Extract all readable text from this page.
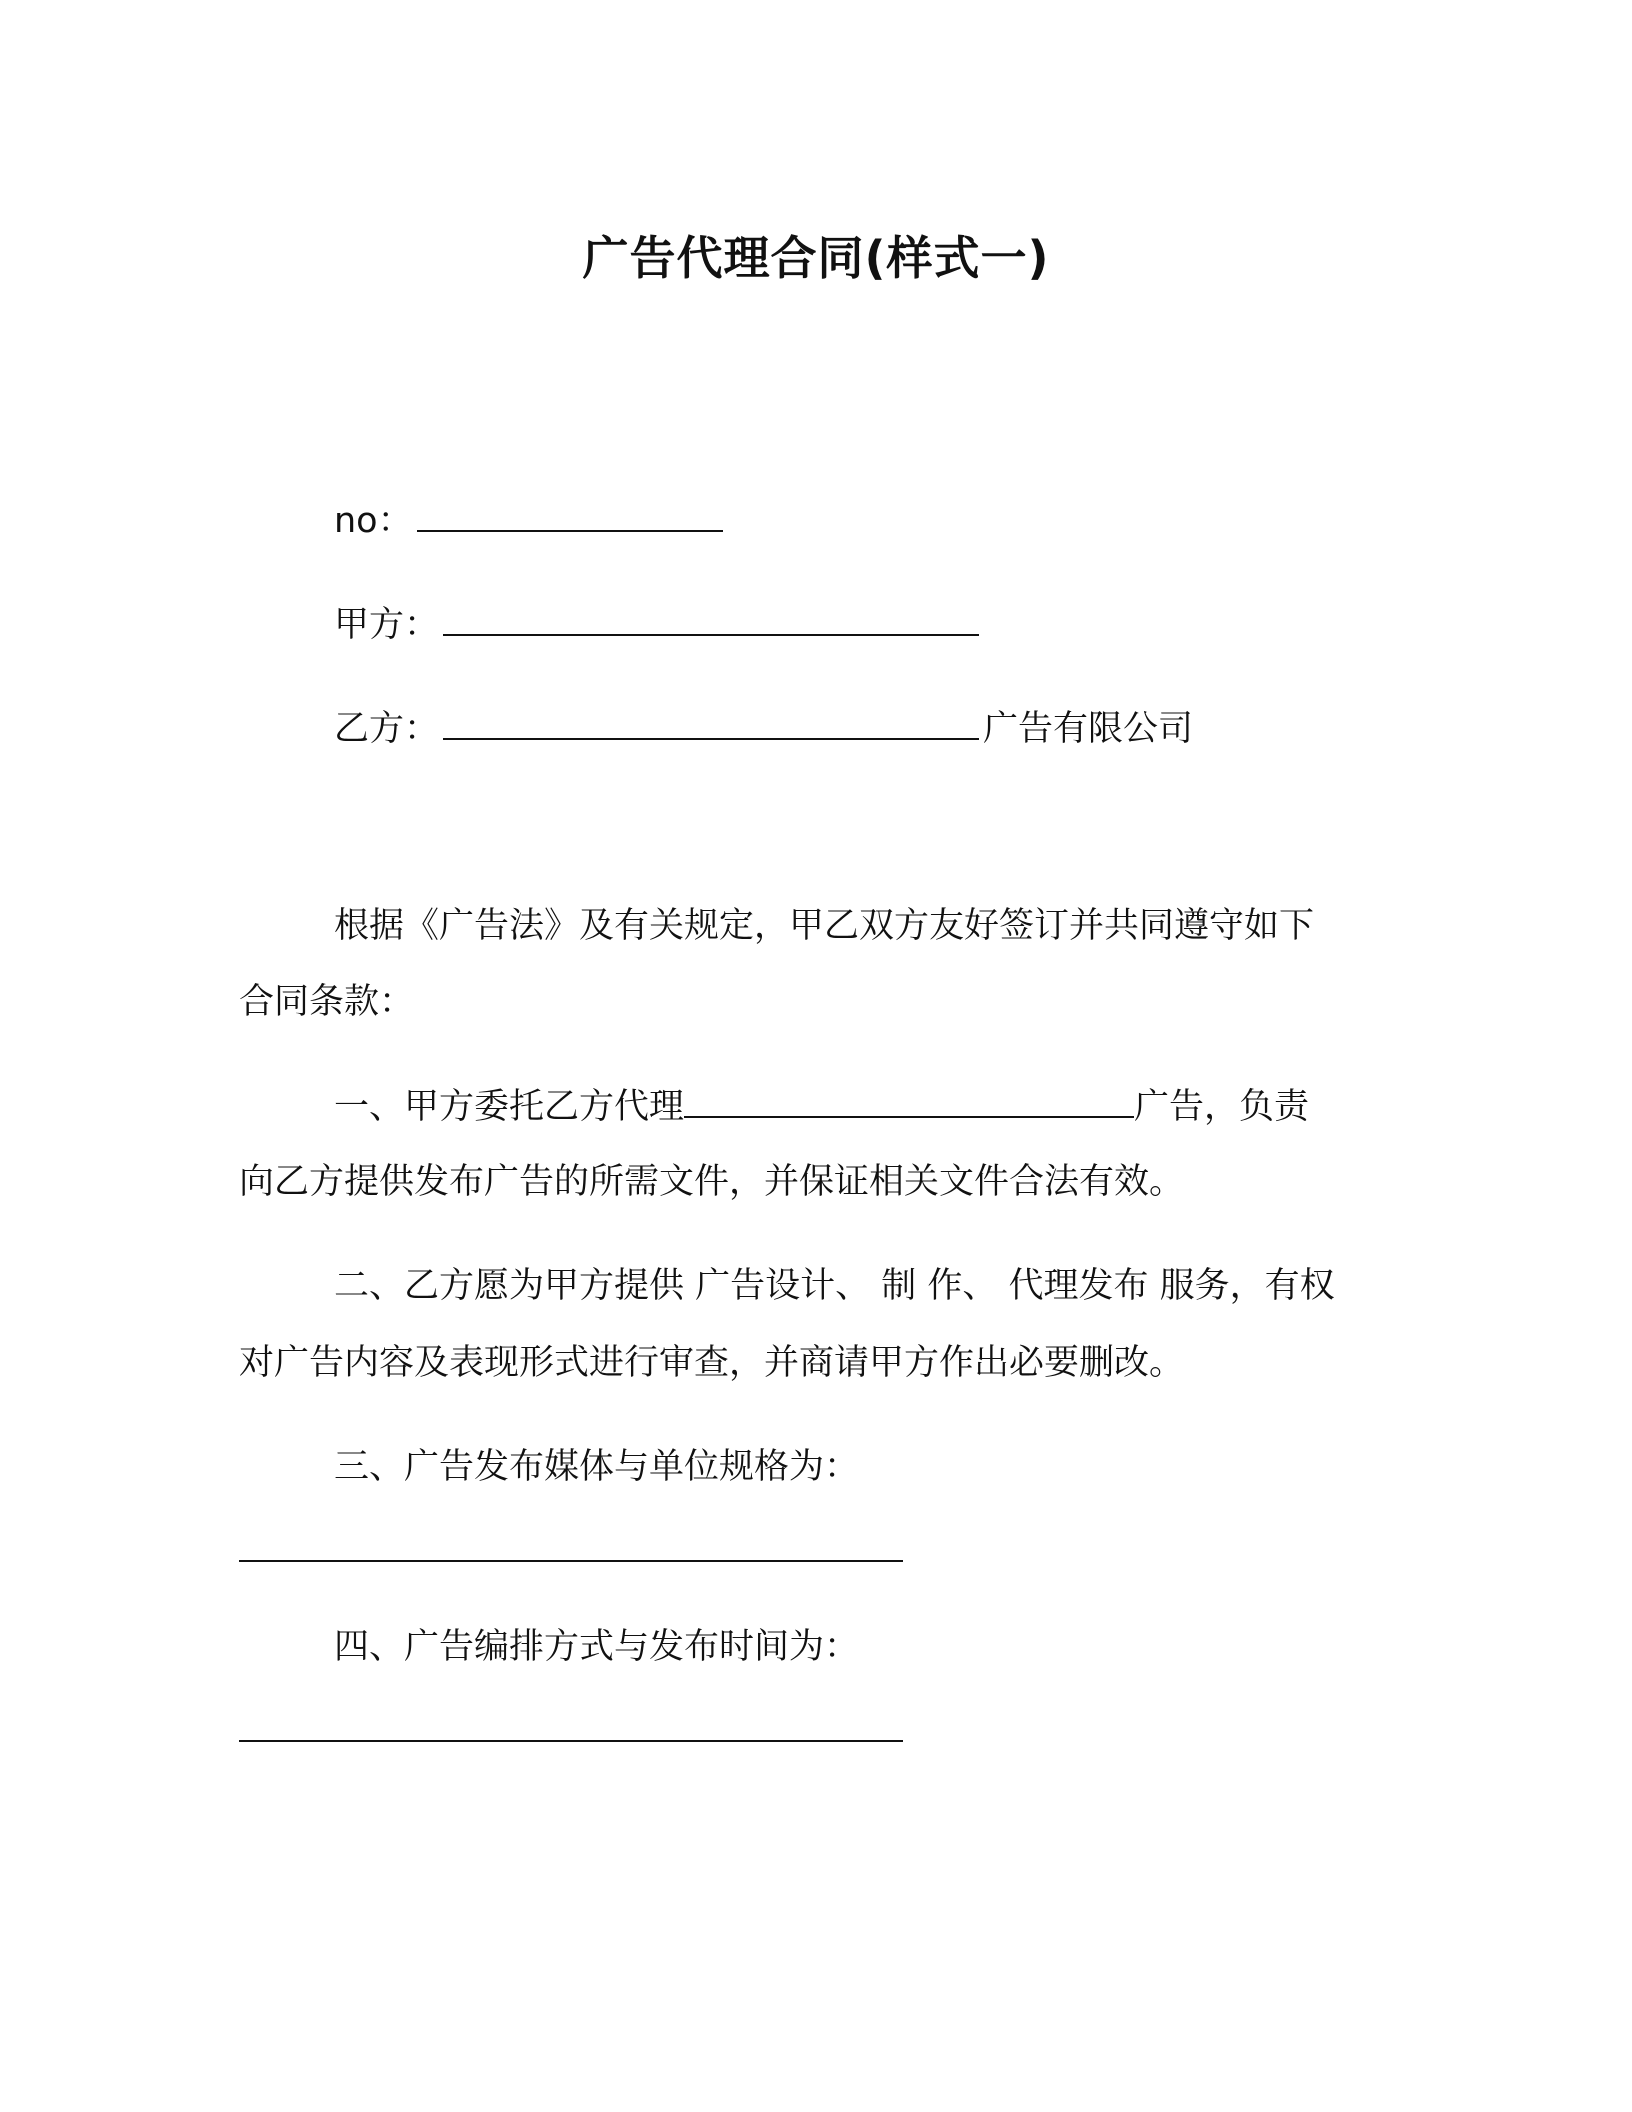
广告代理合同(样式一)
no：
甲方：
乙方：	广告有限公司
根据《广告法》及有关规定，甲乙双方友好签订并共同遵守如下
合同条款：
一、甲方委托乙方代理	广告，负责
向乙方提供发布广告的所需文件，并保证相关文件合法有效。
二、乙方愿为甲方提供 广告设计、 制 作、 代理发布 服务，有权
对广告内容及表现形式进行审查，并商请甲方作出必要删改。
三、广告发布媒体与单位规格为：
四、广告编排方式与发布时间为：
